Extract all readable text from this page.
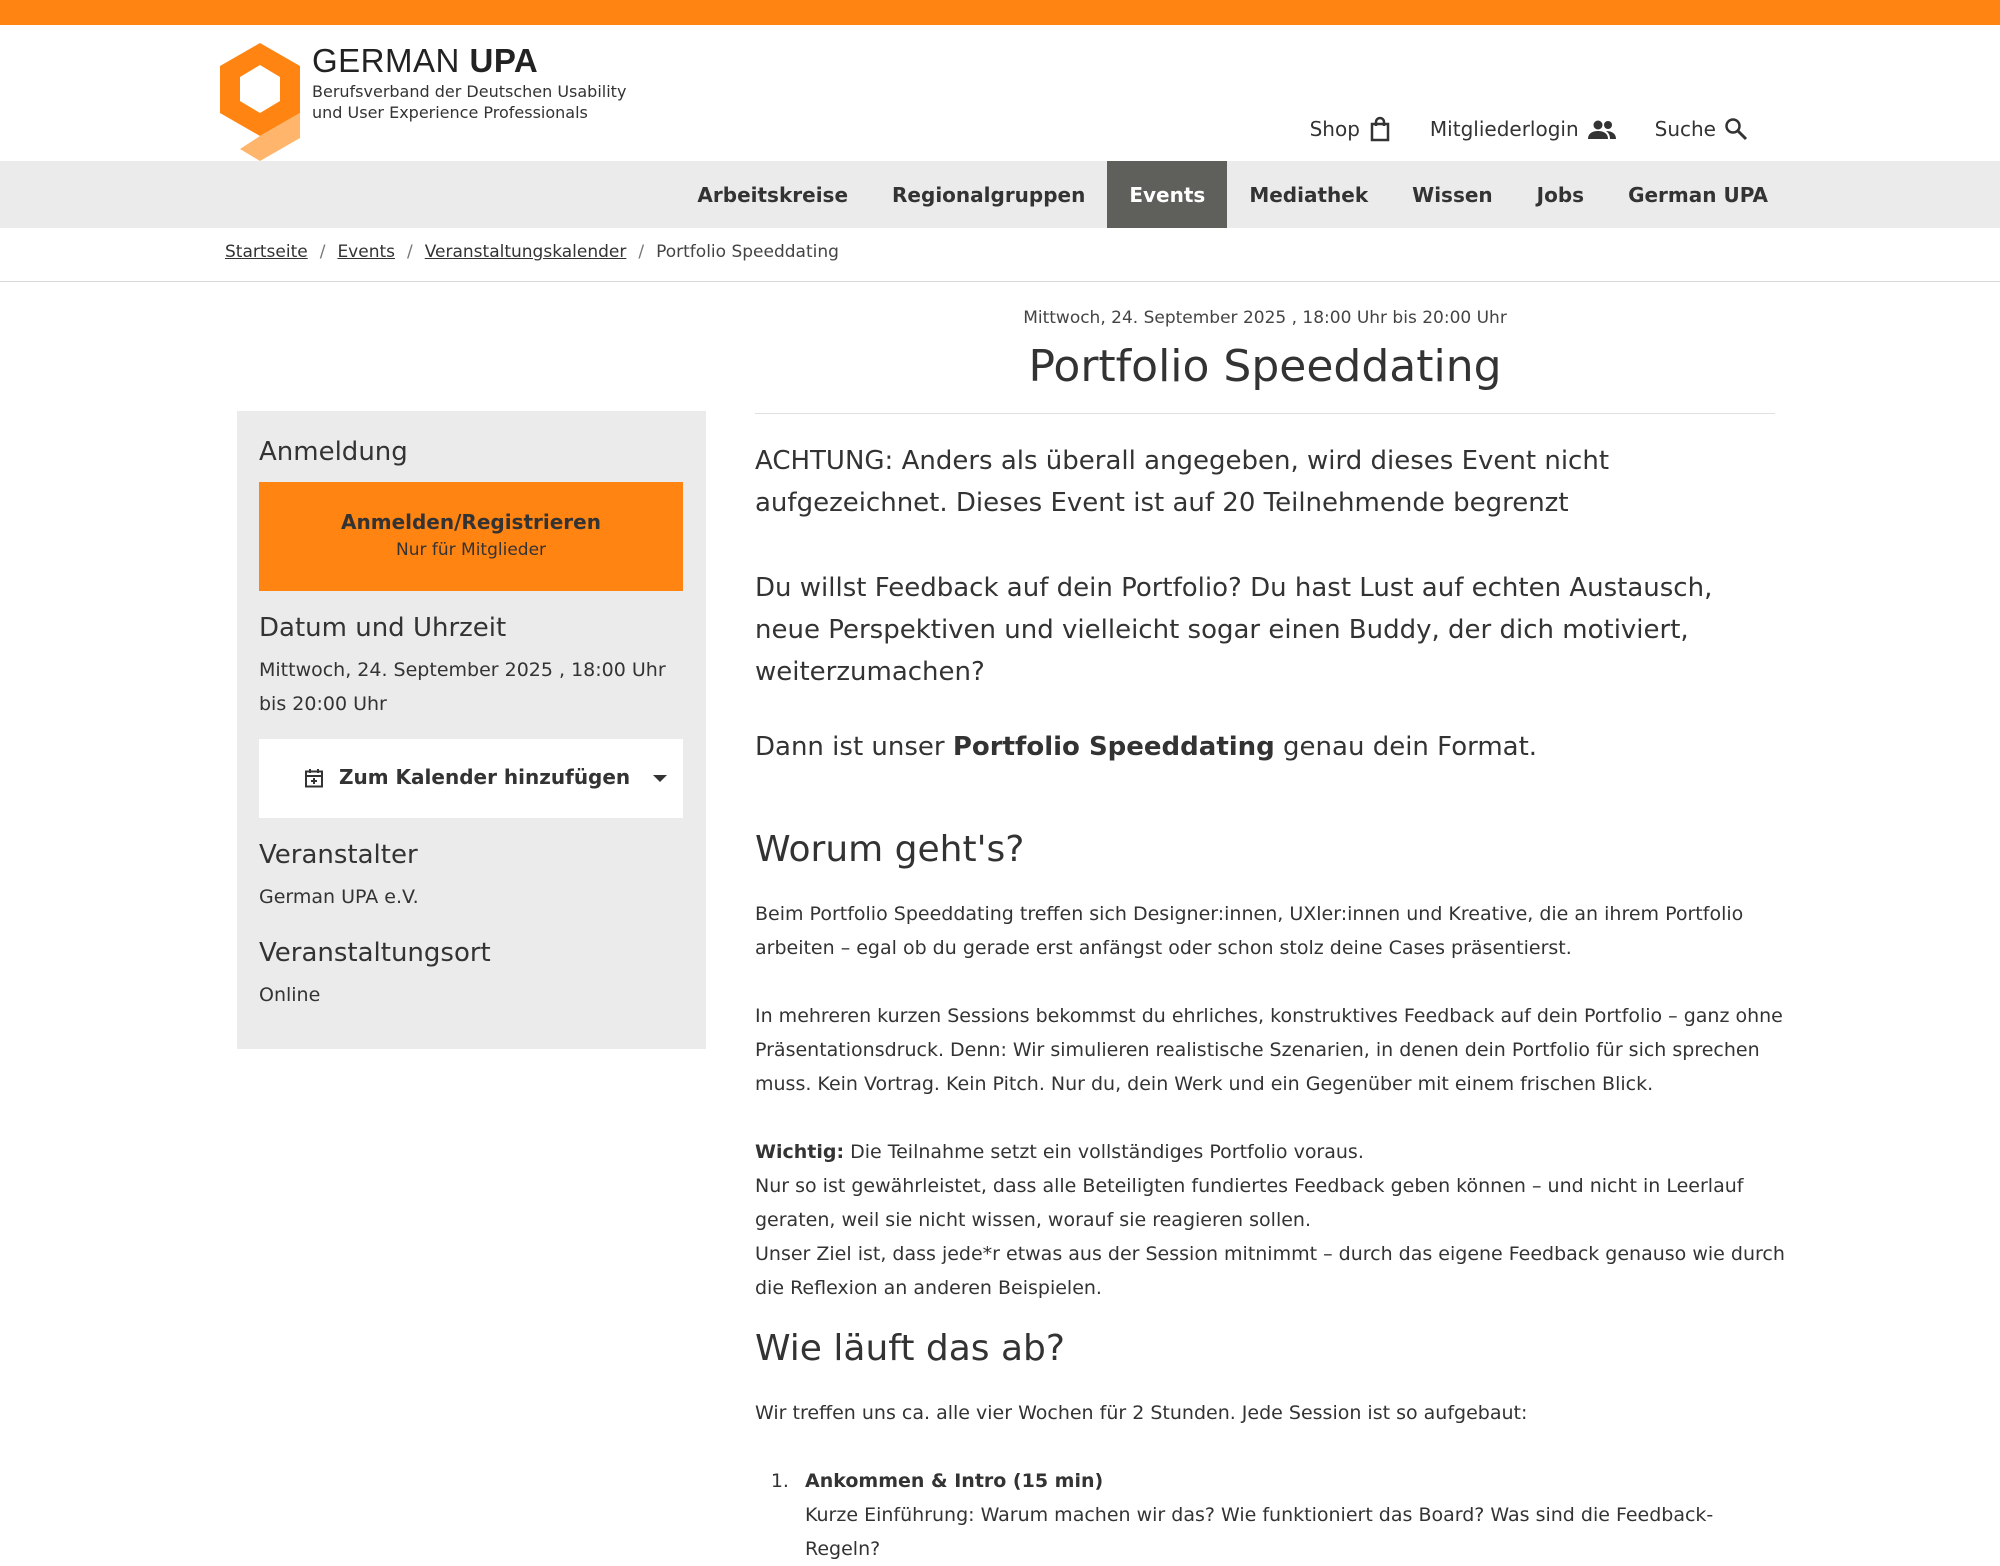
GERMAN UPA
Berufsverband der Deutschen Usability und User Experience Professionals
Shop	Mitgliederlogin	Suche
Arbeitskreise	Regionalgruppen	Events	Mediathek	Wissen	Jobs	German UPA
Startseite / Events / Veranstaltungskalender / Portfolio Speeddating
Mittwoch, 24. September 2025 , 18:00 Uhr bis 20:00 Uhr
Portfolio Speeddating
Anmeldung
Anmelden/Registrieren
Nur für Mitglieder
Datum und Uhrzeit
Mittwoch, 24. September 2025 , 18:00 Uhr bis 20:00 Uhr
Zum Kalender hinzufügen
Veranstalter
German UPA e.V.
Veranstaltungsort
Online

ACHTUNG: Anders als überall angegeben, wird dieses Event nicht aufgezeichnet. Dieses Event ist auf 20 Teilnehmende begrenzt

Du willst Feedback auf dein Portfolio? Du hast Lust auf echten Austausch, neue Perspektiven und vielleicht sogar einen Buddy, der dich motiviert, weiterzumachen?

Dann ist unser Portfolio Speeddating genau dein Format.

Worum geht's?

Beim Portfolio Speeddating treffen sich Designer:innen, UXler:innen und Kreative, die an ihrem Portfolio arbeiten – egal ob du gerade erst anfängst oder schon stolz deine Cases präsentierst.

In mehreren kurzen Sessions bekommst du ehrliches, konstruktives Feedback auf dein Portfolio – ganz ohne Präsentationsdruck. Denn: Wir simulieren realistische Szenarien, in denen dein Portfolio für sich sprechen muss. Kein Vortrag. Kein Pitch. Nur du, dein Werk und ein Gegenüber mit einem frischen Blick.

Wichtig: Die Teilnahme setzt ein vollständiges Portfolio voraus.

Nur so ist gewährleistet, dass alle Beteiligten fundiertes Feedback geben können – und nicht in Leerlauf geraten, weil sie nicht wissen, worauf sie reagieren sollen.

Unser Ziel ist, dass jede*r etwas aus der Session mitnimmt – durch das eigene Feedback genauso wie durch die Reflexion an anderen Beispielen.

Wie läuft das ab?

Wir treffen uns ca. alle vier Wochen für 2 Stunden. Jede Session ist so aufgebaut:

1. Ankommen & Intro (15 min)
Kurze Einführung: Warum machen wir das? Wie funktioniert das Board? Was sind die Feedback-Regeln?
